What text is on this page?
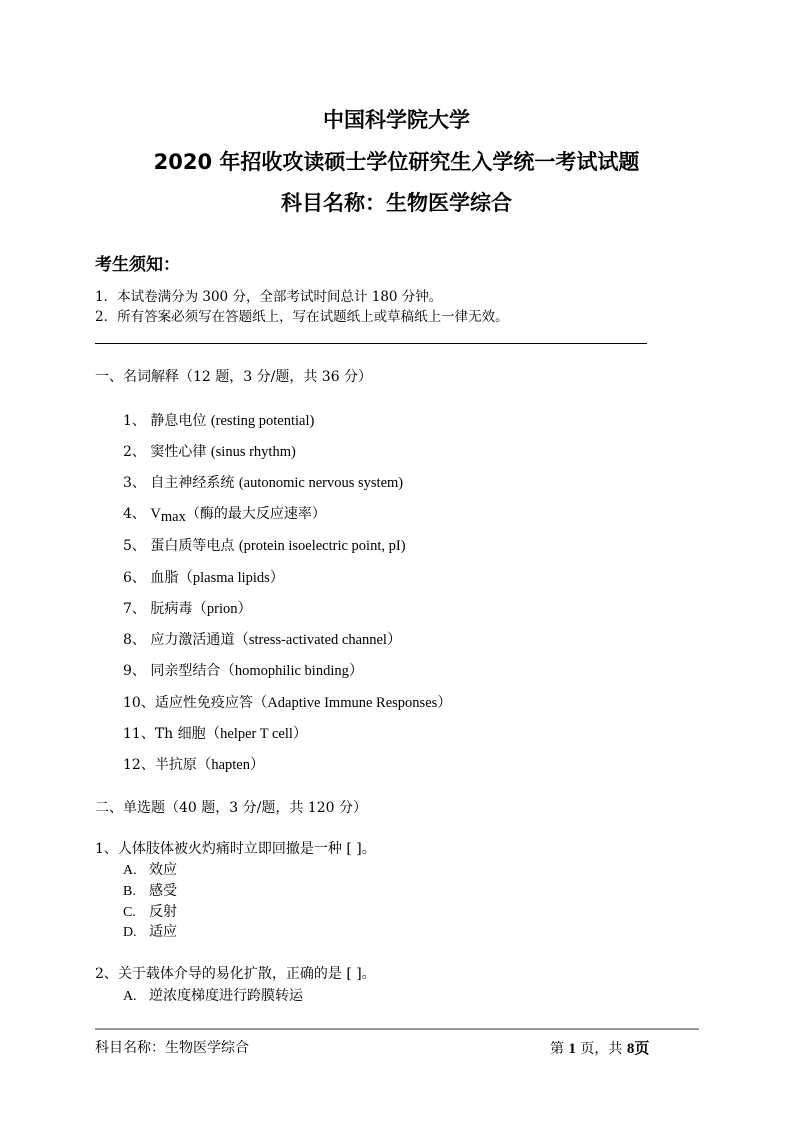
中国科学院大学
2020 年招收攻读硕士学位研究生入学统一考试试题
科目名称：生物医学综合
考生须知：
1．本试卷满分为 300 分，全部考试时间总计 180 分钟。
2．所有答案必须写在答题纸上，写在试题纸上或草稿纸上一律无效。
一、名词解释（12 题，3 分/题，共 36 分）
1、 静息电位 (resting potential)
2、 窦性心律 (sinus rhythm)
3、 自主神经系统 (autonomic nervous system)
4、 Vmax（酶的最大反应速率）
5、 蛋白质等电点 (protein isoelectric point, pI)
6、 血脂（plasma lipids）
7、 朊病毒（prion）
8、 应力激活通道（stress-activated channel）
9、 同亲型结合（homophilic binding）
10、适应性免疫应答（Adaptive Immune Responses）
11、Th 细胞（helper T cell）
12、半抗原（hapten）
二、单选题（40 题，3 分/题，共 120 分）
1、人体肢体被火灼痛时立即回撤是一种 [ ]。
A. 效应
B. 感受
C. 反射
D. 适应
2、关于载体介导的易化扩散，正确的是 [ ]。
A. 逆浓度梯度进行跨膜转运
科目名称：生物医学综合	第 1 页，共 8页
